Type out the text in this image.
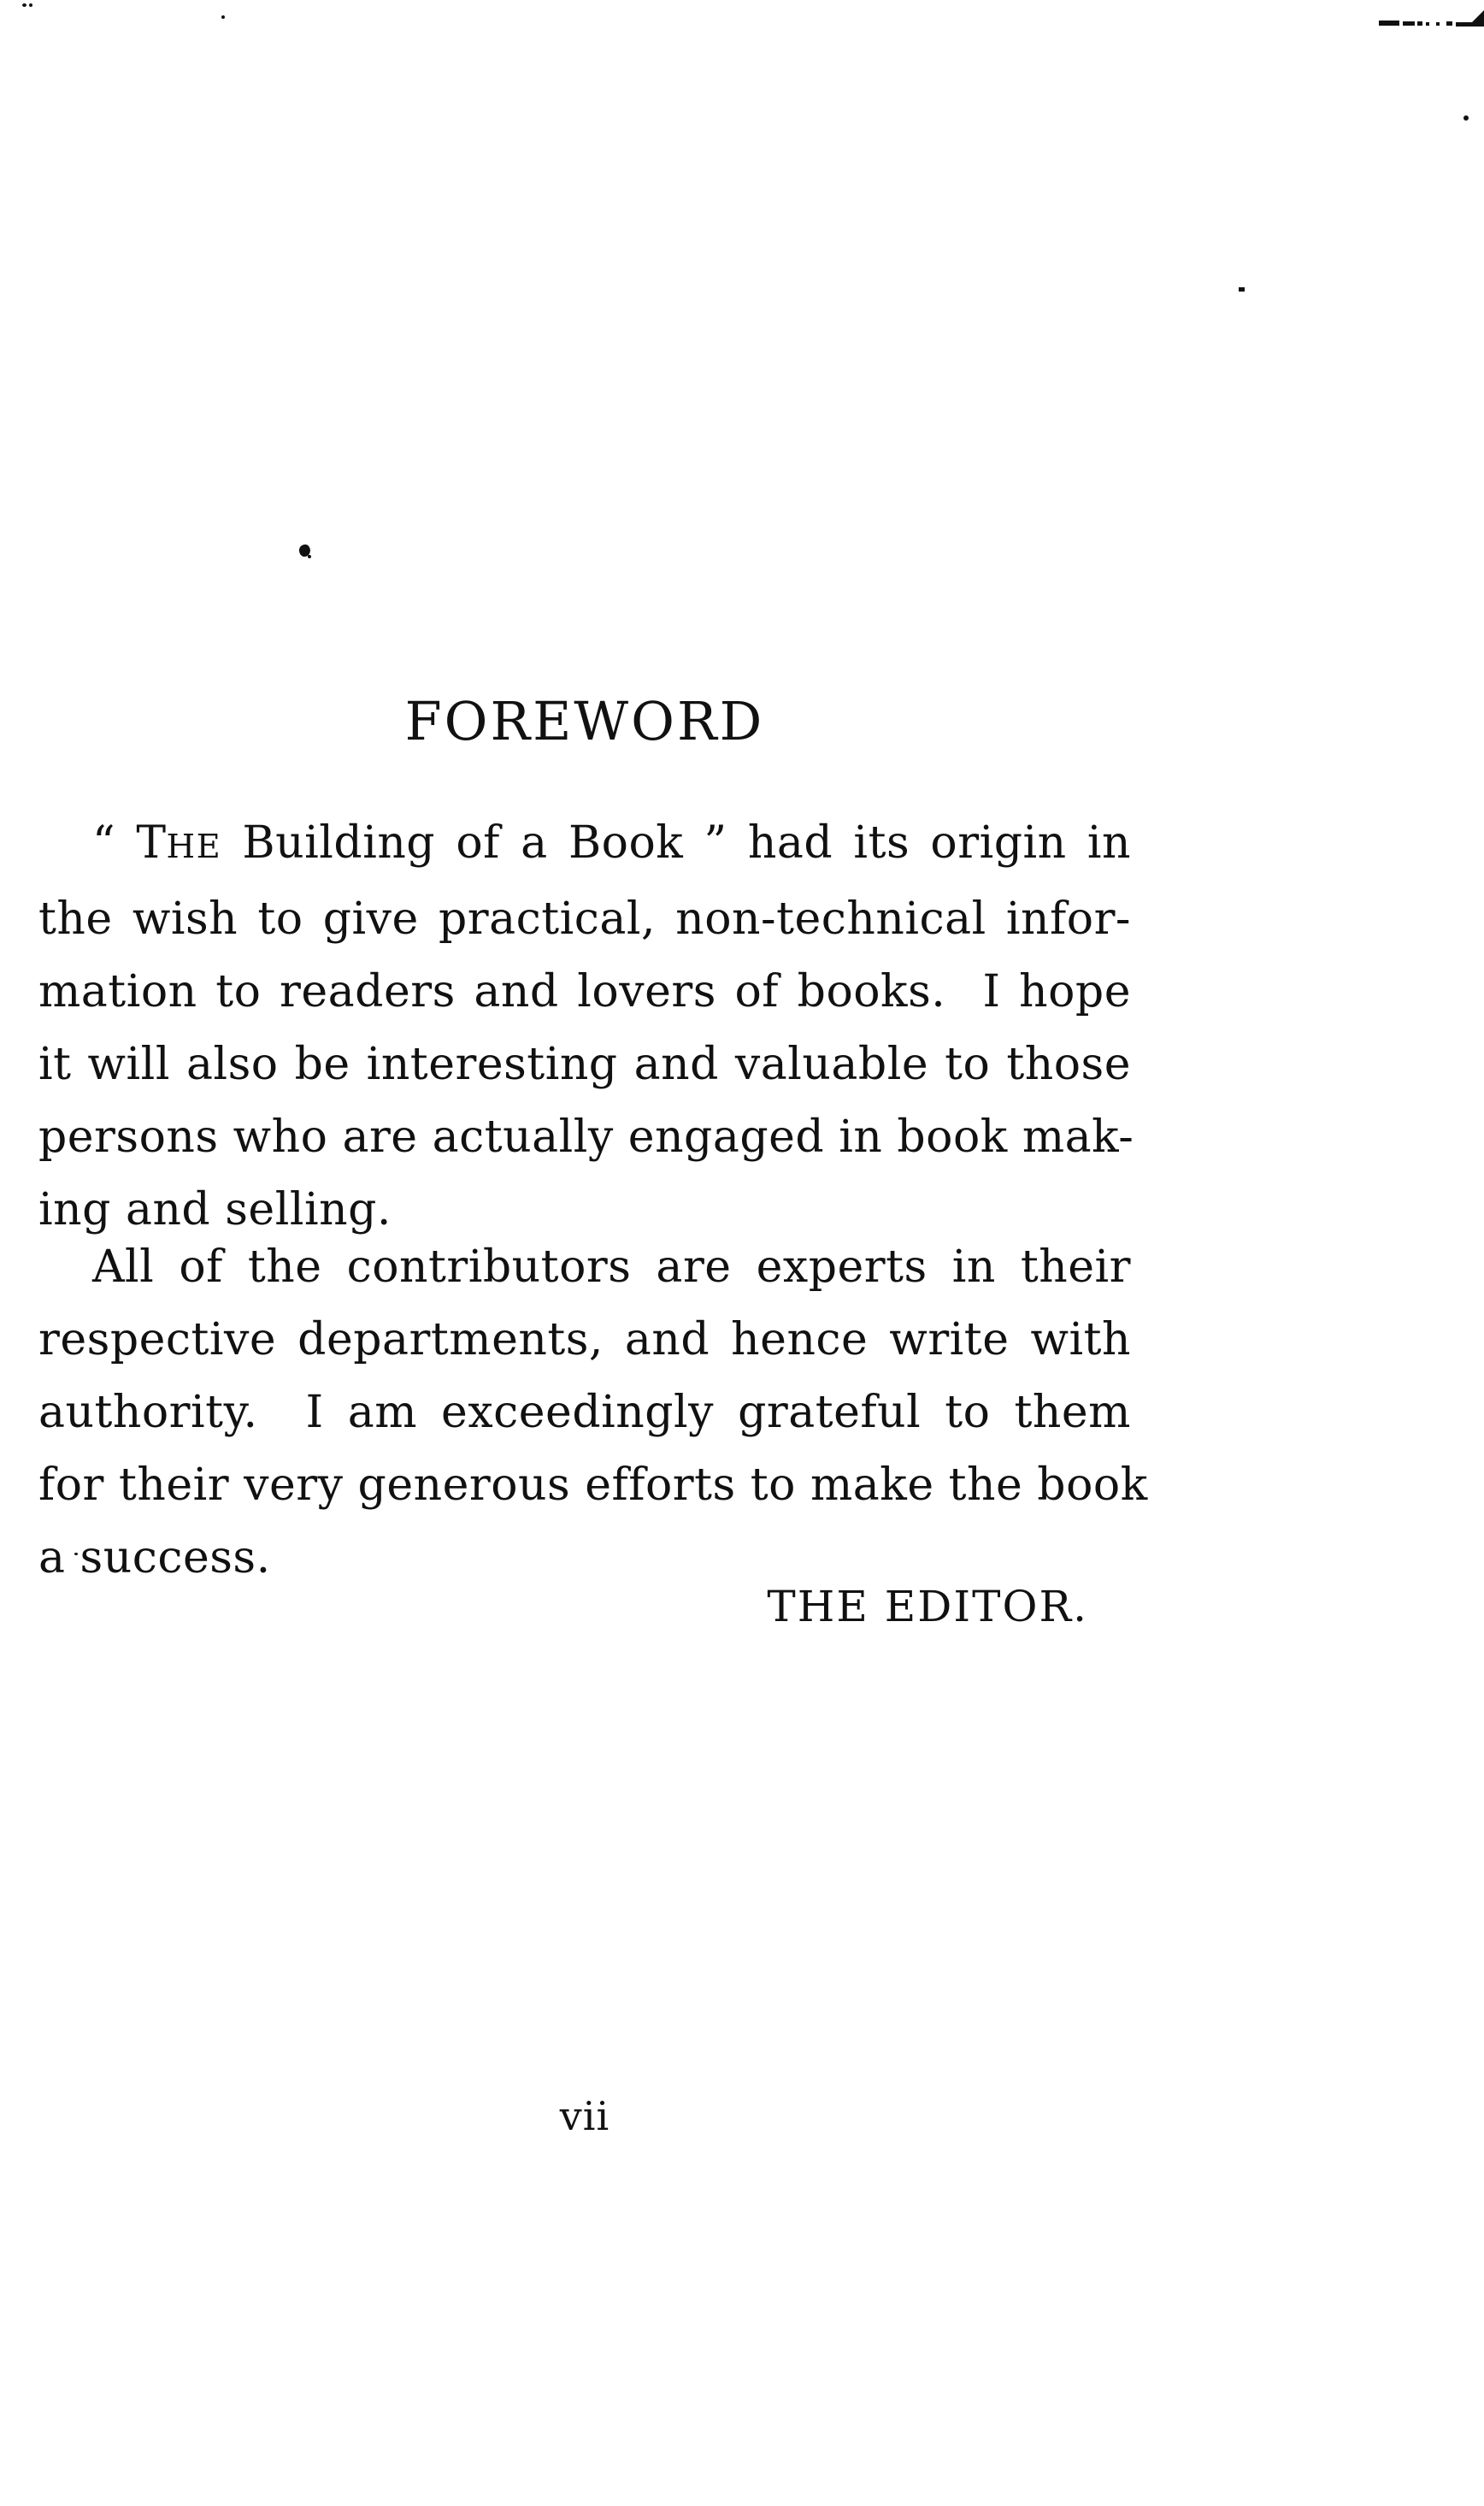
FOREWORD
“ THE Building of a Book ” had its origin in
the wish to give practical, non-technical infor-
mation to readers and lovers of books.  I hope
it will also be interesting and valuable to those
persons who are actually engaged in book mak-
ing and selling.
All of the contributors are experts in their
respective departments, and hence write with
authority.  I am exceedingly grateful to them
for their very generous efforts to make the book
a success.
THE EDITOR.
vii
